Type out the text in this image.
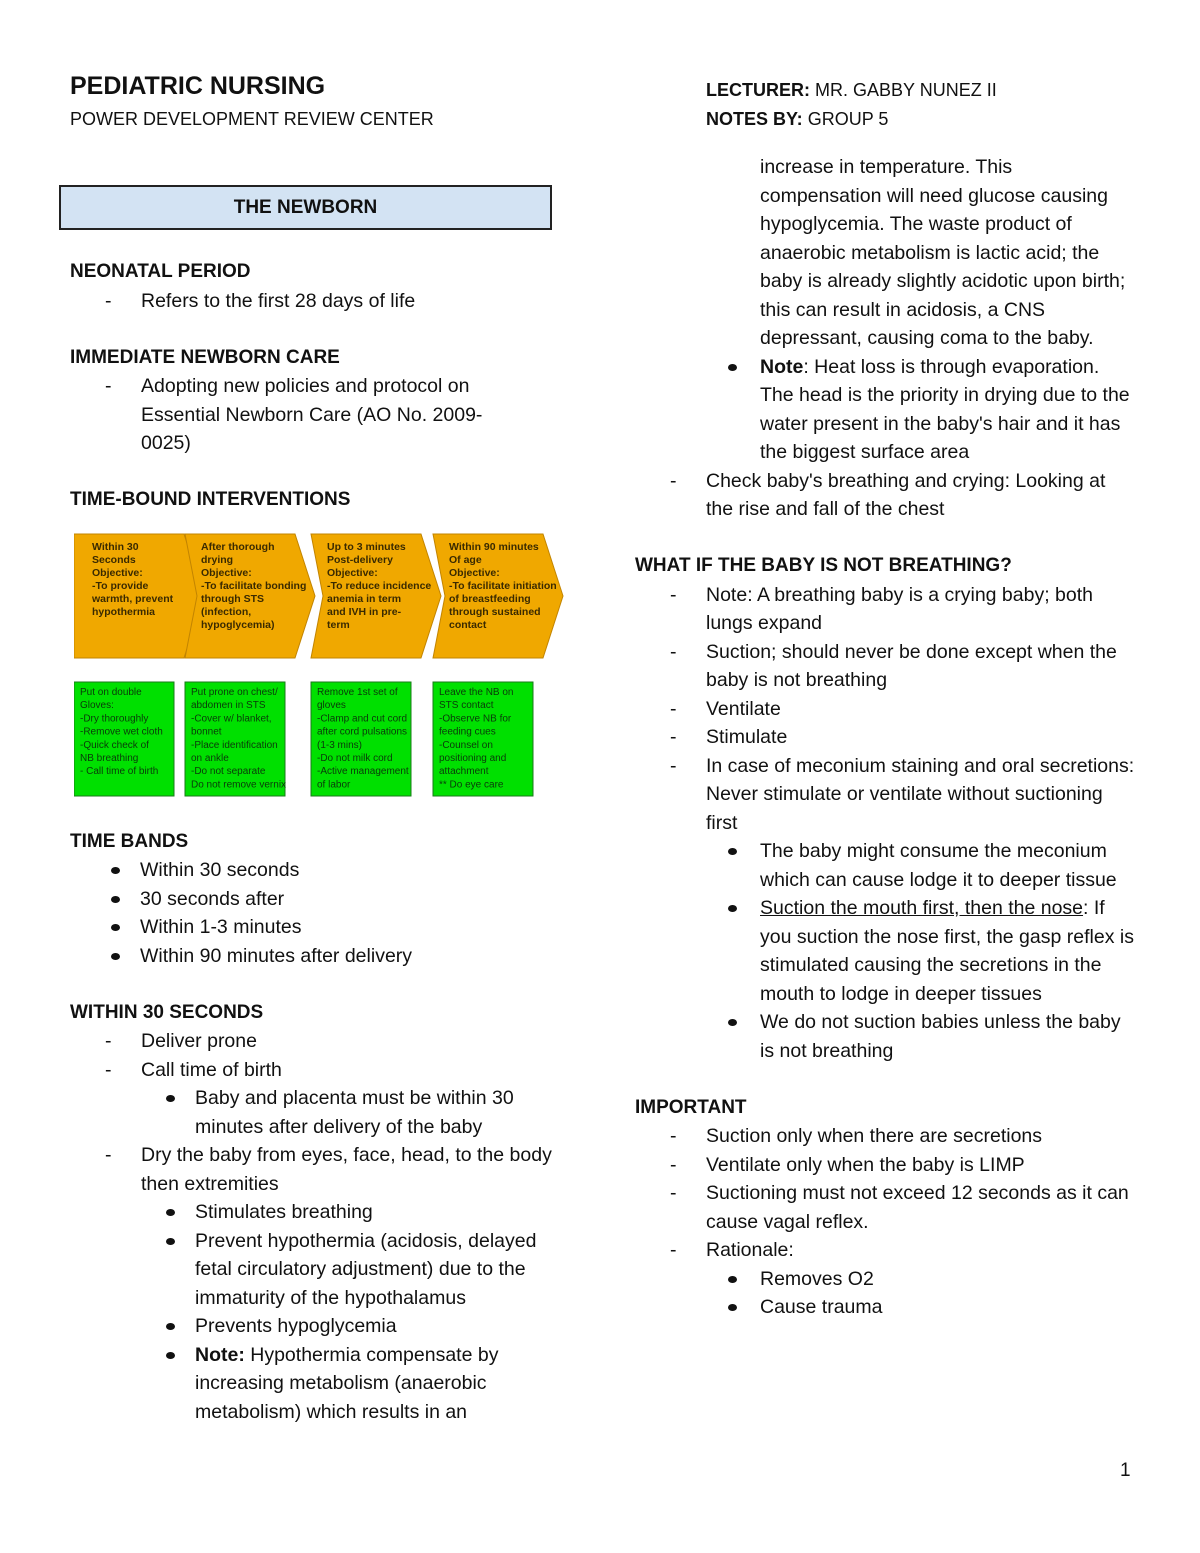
PEDIATRIC NURSING
POWER DEVELOPMENT REVIEW CENTER
LECTURER: MR. GABBY NUNEZ II
NOTES BY: GROUP 5
THE NEWBORN
NEONATAL PERIOD
- Refers to the first 28 days of life
IMMEDIATE NEWBORN CARE
- Adopting new policies and protocol on Essential Newborn Care (AO No. 2009-0025)
TIME-BOUND INTERVENTIONS
TIME BANDS
Within 30 seconds
30 seconds after
Within 1-3 minutes
Within 90 minutes after delivery
WITHIN 30 SECONDS
- Deliver prone
- Call time of birth
Baby and placenta must be within 30 minutes after delivery of the baby
- Dry the baby from eyes, face, head, to the body then extremities
Stimulates breathing
Prevent hypothermia (acidosis, delayed fetal circulatory adjustment) due to the immaturity of the hypothalamus
Prevents hypoglycemia
Note: Hypothermia compensate by increasing metabolism (anaerobic metabolism) which results in an
Within 30
Seconds
Objective:
-To provide
warmth, prevent
hypothermia
After thorough
drying
Objective:
-To facilitate bonding
through STS
(infection,
hypoglycemia)
Up to 3 minutes
Post-delivery
Objective:
-To reduce incidence
anemia in term
and IVH in pre-
term
Within 90 minutes
Of age
Objective:
-To facilitate initiation
of breastfeeding
through sustained
contact
Put on double
Gloves:
-Dry thoroughly
-Remove wet cloth
-Quick check of
NB breathing
- Call time of birth
Put prone on chest/
abdomen in STS
-Cover w/ blanket,
bonnet
-Place identification
on ankle
-Do not separate
Do not remove vernix
Remove 1st set of
gloves
-Clamp and cut cord
after cord pulsations
(1-3 mins)
-Do not milk cord
-Active management
of labor
Leave the NB on
STS contact
-Observe NB for
feeding cues
-Counsel on
positioning and
attachment
** Do eye care
increase in temperature. This compensation will need glucose causing hypoglycemia. The waste product of anaerobic metabolism is lactic acid; the baby is already slightly acidotic upon birth; this can result in acidosis, a CNS depressant, causing coma to the baby.
Note: Heat loss is through evaporation. The head is the priority in drying due to the water present in the baby's hair and it has the biggest surface area
- Check baby's breathing and crying: Looking at the rise and fall of the chest
WHAT IF THE BABY IS NOT BREATHING?
- Note: A breathing baby is a crying baby; both lungs expand
- Suction; should never be done except when the baby is not breathing
- Ventilate
- Stimulate
- In case of meconium staining and oral secretions: Never stimulate or ventilate without suctioning first
The baby might consume the meconium which can cause lodge it to deeper tissue
Suction the mouth first, then the nose: If you suction the nose first, the gasp reflex is stimulated causing the secretions in the mouth to lodge in deeper tissues
We do not suction babies unless the baby is not breathing
IMPORTANT
- Suction only when there are secretions
- Ventilate only when the baby is LIMP
- Suctioning must not exceed 12 seconds as it can cause vagal reflex.
- Rationale:
Removes O2
Cause trauma
1
